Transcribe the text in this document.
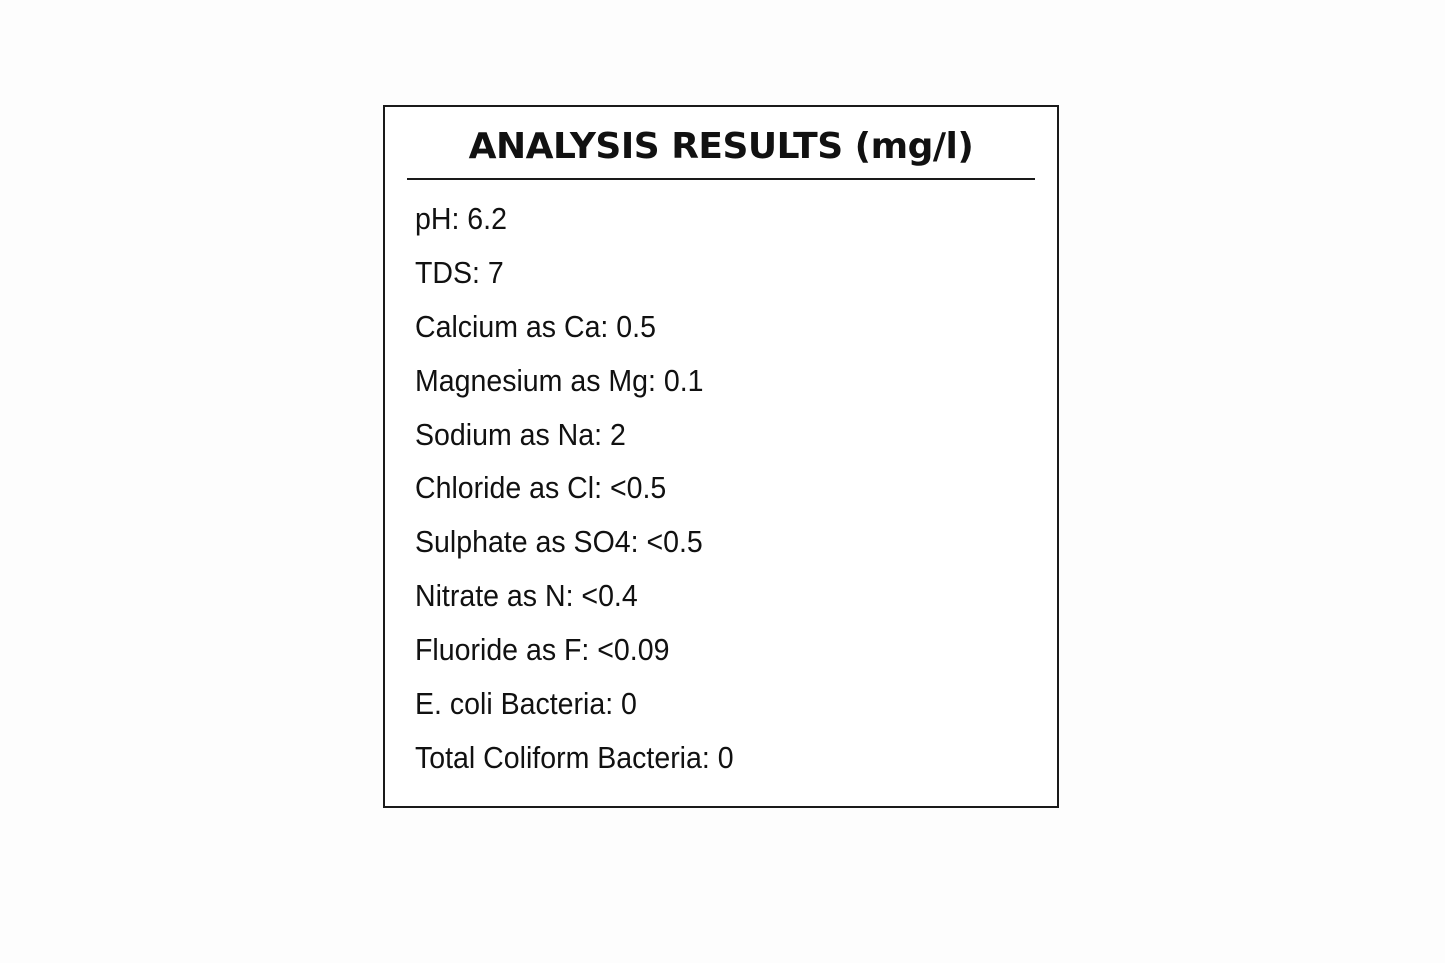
ANALYSIS RESULTS (mg/l)
pH: 6.2
TDS: 7
Calcium as Ca: 0.5
Magnesium as Mg: 0.1
Sodium as Na: 2
Chloride as Cl: <0.5
Sulphate as SO4: <0.5
Nitrate as N: <0.4
Fluoride as F: <0.09
E. coli Bacteria: 0
Total Coliform Bacteria: 0
